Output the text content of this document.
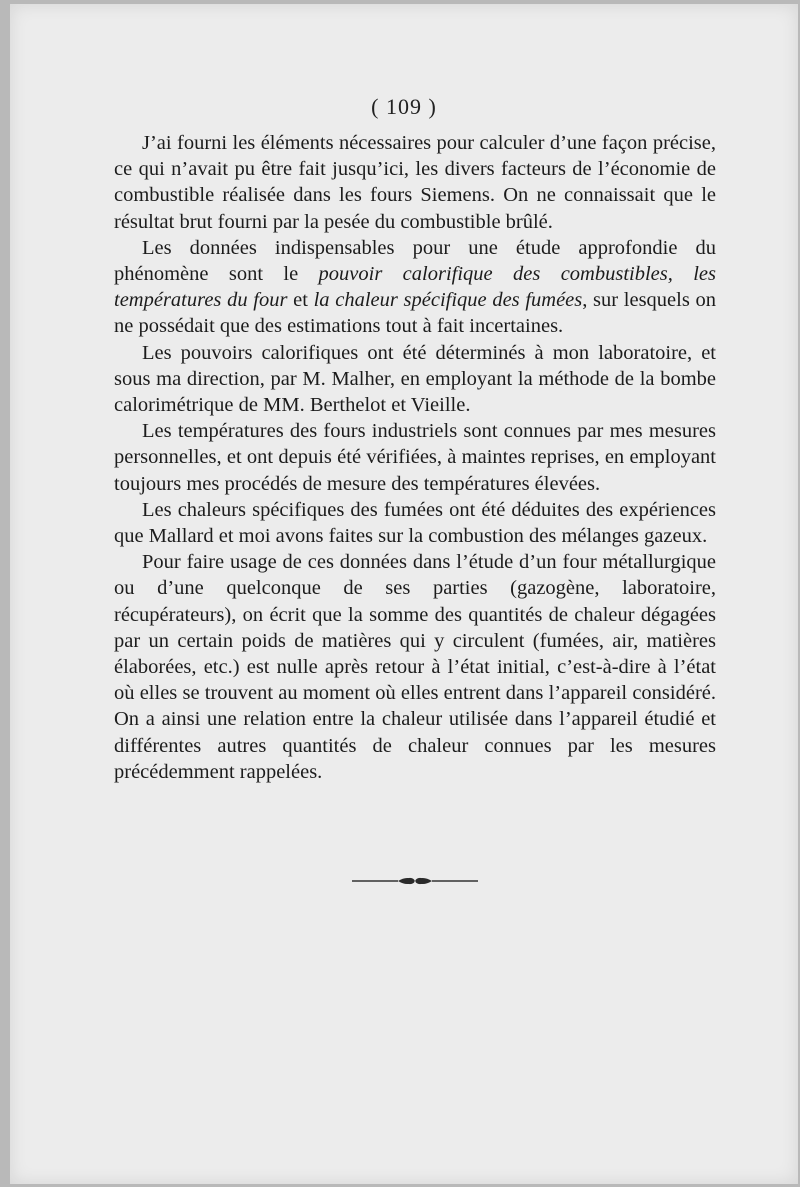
( 109 )

J’ai fourni les éléments nécessaires pour calculer d’une façon précise, ce qui n’avait pu être fait jusqu’ici, les divers facteurs de l’économie de combustible réalisée dans les fours Siemens. On ne connaissait que le résultat brut fourni par la pesée du combustible brûlé.

Les données indispensables pour une étude approfondie du phénomène sont le pouvoir calorifique des combustibles, les températures du four et la chaleur spécifique des fumées, sur lesquels on ne possédait que des estimations tout à fait incertaines.

Les pouvoirs calorifiques ont été déterminés à mon laboratoire, et sous ma direction, par M. Malher, en employant la méthode de la bombe calorimétrique de MM. Berthelot et Vieille.

Les températures des fours industriels sont connues par mes mesures personnelles, et ont depuis été vérifiées, à maintes reprises, en employant toujours mes procédés de mesure des températures élevées.

Les chaleurs spécifiques des fumées ont été déduites des expériences que Mallard et moi avons faites sur la combustion des mélanges gazeux.

Pour faire usage de ces données dans l’étude d’un four métallurgique ou d’une quelconque de ses parties (gazogène, laboratoire, récupérateurs), on écrit que la somme des quantités de chaleur dégagées par un certain poids de matières qui y circulent (fumées, air, matières élaborées, etc.) est nulle après retour à l’état initial, c’est-à-dire à l’état où elles se trouvent au moment où elles entrent dans l’appareil considéré. On a ainsi une relation entre la chaleur utilisée dans l’appareil étudié et différentes autres quantités de chaleur connues par les mesures précédemment rappelées.
